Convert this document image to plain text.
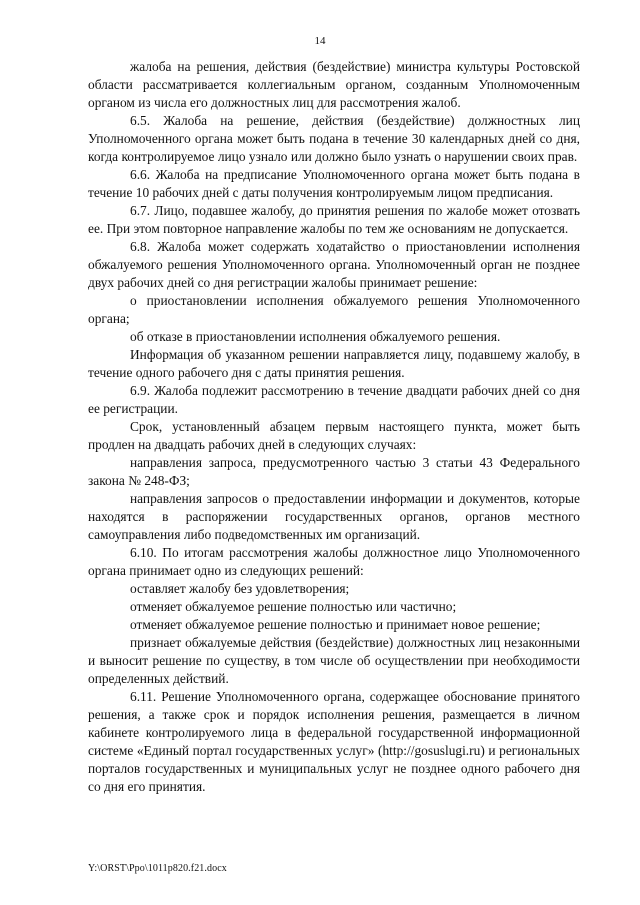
14

жалоба на решения, действия (бездействие) министра культуры Ростовской области рассматривается коллегиальным органом, созданным Уполномоченным органом из числа его должностных лиц для рассмотрения жалоб.

6.5. Жалоба на решение, действия (бездействие) должностных лиц Уполномоченного органа может быть подана в течение 30 календарных дней со дня, когда контролируемое лицо узнало или должно было узнать о нарушении своих прав.

6.6. Жалоба на предписание Уполномоченного органа может быть подана в течение 10 рабочих дней с даты получения контролируемым лицом предписания.

6.7. Лицо, подавшее жалобу, до принятия решения по жалобе может отозвать ее. При этом повторное направление жалобы по тем же основаниям не допускается.

6.8. Жалоба может содержать ходатайство о приостановлении исполнения обжалуемого решения Уполномоченного органа. Уполномоченный орган не позднее двух рабочих дней со дня регистрации жалобы принимает решение:

о приостановлении исполнения обжалуемого решения Уполномоченного органа;

об отказе в приостановлении исполнения обжалуемого решения.

Информация об указанном решении направляется лицу, подавшему жалобу, в течение одного рабочего дня с даты принятия решения.

6.9. Жалоба подлежит рассмотрению в течение двадцати рабочих дней со дня ее регистрации.

Срок, установленный абзацем первым настоящего пункта, может быть продлен на двадцать рабочих дней в следующих случаях:

направления запроса, предусмотренного частью 3 статьи 43 Федерального закона № 248-ФЗ;

направления запросов о предоставлении информации и документов, которые находятся в распоряжении государственных органов, органов местного самоуправления либо подведомственных им организаций.

6.10. По итогам рассмотрения жалобы должностное лицо Уполномоченного органа принимает одно из следующих решений:

оставляет жалобу без удовлетворения;

отменяет обжалуемое решение полностью или частично;

отменяет обжалуемое решение полностью и принимает новое решение;

признает обжалуемые действия (бездействие) должностных лиц незаконными и выносит решение по существу, в том числе об осуществлении при необходимости определенных действий.

6.11. Решение Уполномоченного органа, содержащее обоснование принятого решения, а также срок и порядок исполнения решения, размещается в личном кабинете контролируемого лица в федеральной государственной информационной системе «Единый портал государственных услуг» (http://gosuslugi.ru) и региональных порталов государственных и муниципальных услуг не позднее одного рабочего дня со дня его принятия.

Y:\ORST\Ppo\1011p820.f21.docx
